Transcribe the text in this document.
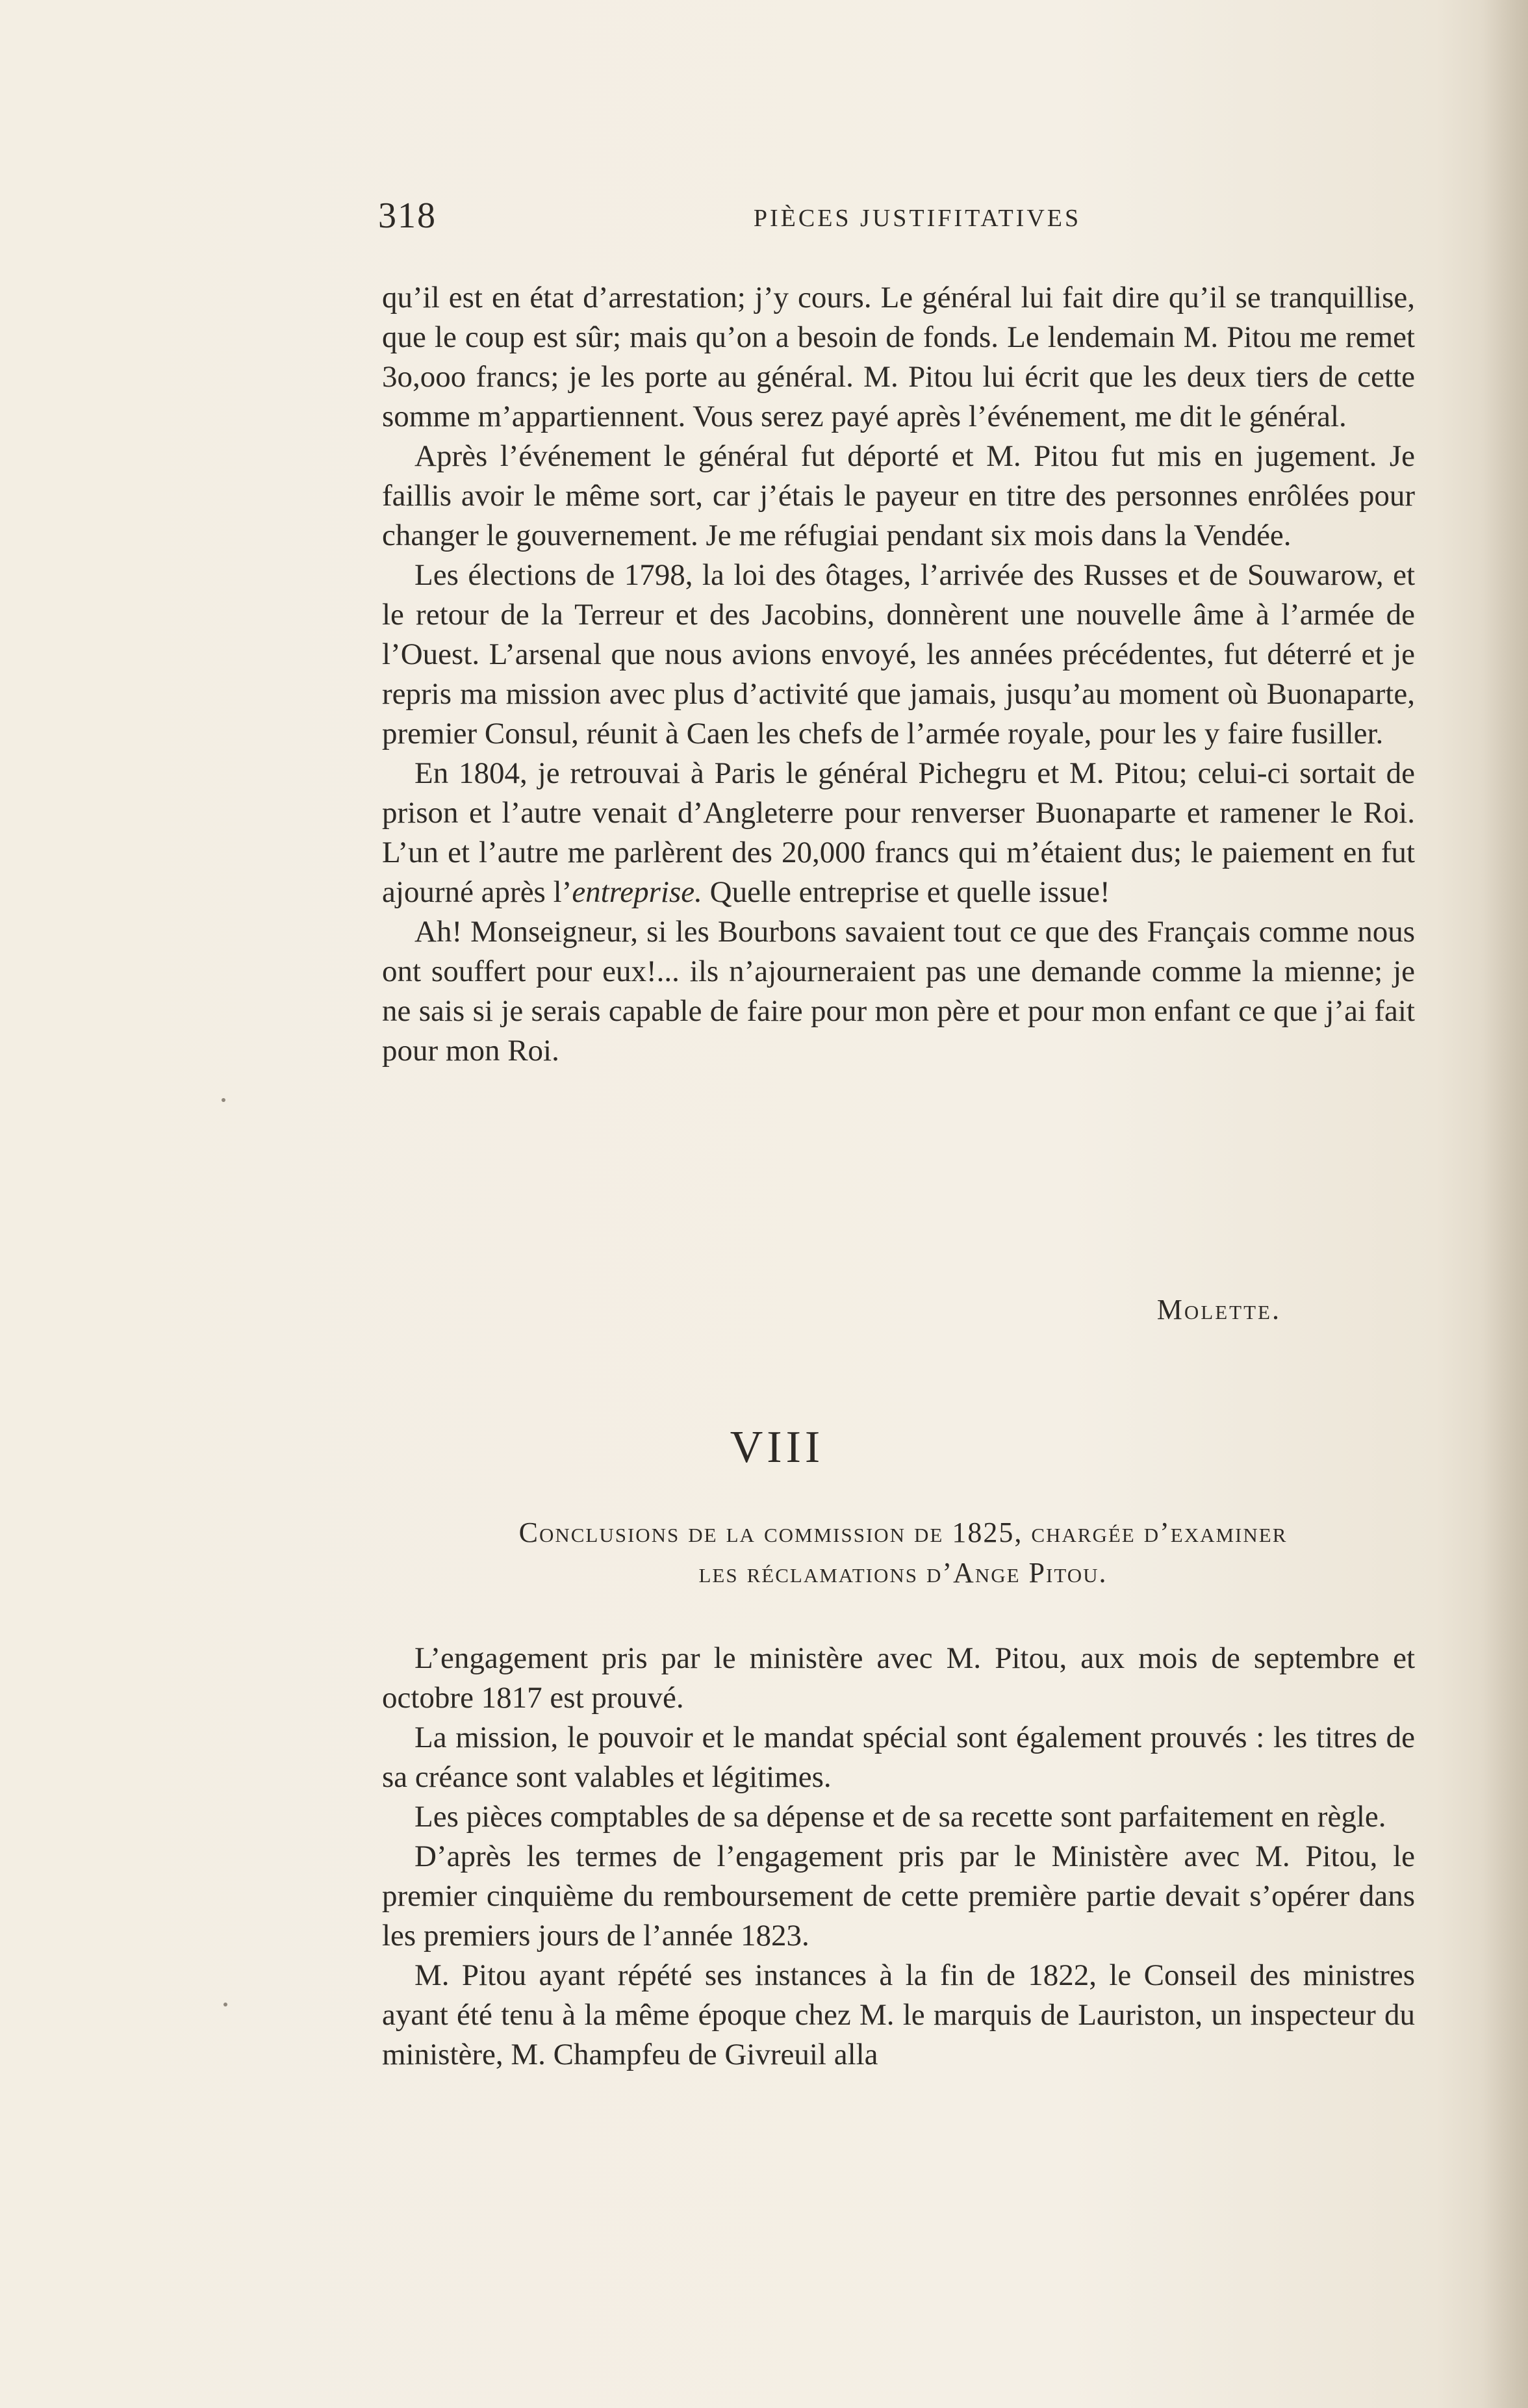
318	PIÈCES JUSTIFITATIVES

qu’il est en état d’arrestation; j’y cours. Le général lui fait dire qu’il se tranquillise, que le coup est sûr; mais qu’on a besoin de fonds. Le lendemain M. Pitou me remet 3o,ooo francs; je les porte au général. M. Pitou lui écrit que les deux tiers de cette somme m’appartiennent. Vous serez payé après l’événement, me dit le général.

Après l’événement le général fut déporté et M. Pitou fut mis en jugement. Je faillis avoir le même sort, car j’étais le payeur en titre des personnes enrôlées pour changer le gouvernement. Je me réfugiai pendant six mois dans la Vendée.

Les élections de 1798, la loi des ôtages, l’arrivée des Russes et de Souwarow, et le retour de la Terreur et des Jacobins, donnèrent une nouvelle âme à l’armée de l’Ouest. L’arsenal que nous avions envoyé, les années précédentes, fut déterré et je repris ma mission avec plus d’activité que jamais, jusqu’au moment où Buonaparte, premier Consul, réunit à Caen les chefs de l’armée royale, pour les y faire fusiller.

En 1804, je retrouvai à Paris le général Pichegru et M. Pitou; celui-ci sortait de prison et l’autre venait d’Angleterre pour renverser Buonaparte et ramener le Roi. L’un et l’autre me parlèrent des 20,000 francs qui m’étaient dus; le paiement en fut ajourné après l’entreprise. Quelle entreprise et quelle issue!

Ah! Monseigneur, si les Bourbons savaient tout ce que des Français comme nous ont souffert pour eux!... ils n’ajourneraient pas une demande comme la mienne; je ne sais si je serais capable de faire pour mon père et pour mon enfant ce que j’ai fait pour mon Roi.

Molette.
VIII
Conclusions de la commission de 1825, chargée d’examiner
les réclamations d’Ange Pitou.

L’engagement pris par le ministère avec M. Pitou, aux mois de septembre et octobre 1817 est prouvé.

La mission, le pouvoir et le mandat spécial sont également prouvés : les titres de sa créance sont valables et légitimes.

Les pièces comptables de sa dépense et de sa recette sont parfaitement en règle.

D’après les termes de l’engagement pris par le Ministère avec M. Pitou, le premier cinquième du remboursement de cette première partie devait s’opérer dans les premiers jours de l’année 1823.

M. Pitou ayant répété ses instances à la fin de 1822, le Conseil des ministres ayant été tenu à la même époque chez M. le marquis de Lauriston, un inspecteur du ministère, M. Champfeu de Givreuil alla
